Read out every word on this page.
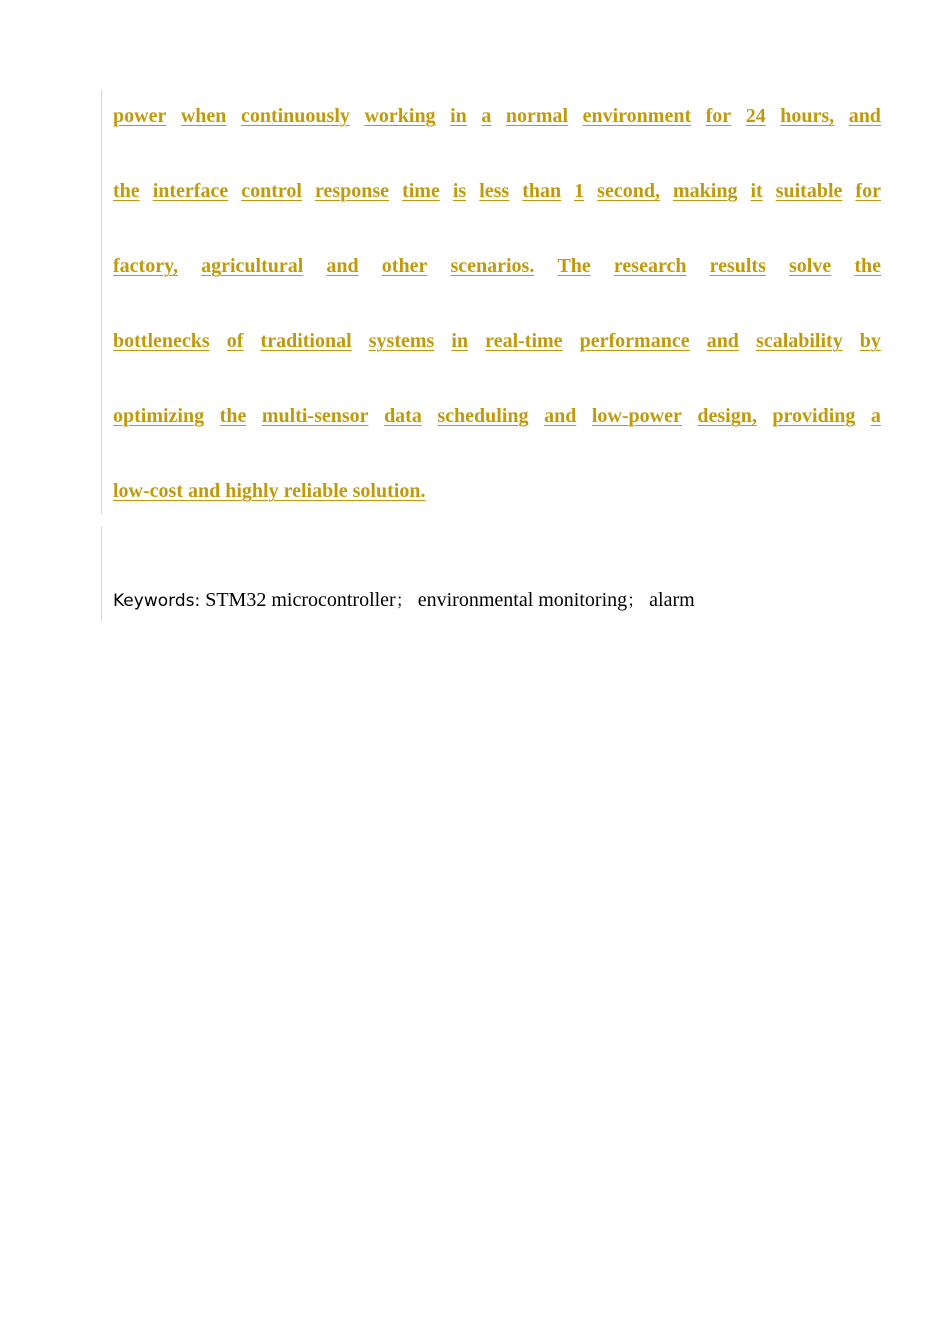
power when continuously working in a normal environment for 24 hours, and
the interface control response time is less than 1 second, making it suitable for
factory, agricultural and other scenarios. The research results solve the
bottlenecks of traditional systems in real-time performance and scalability by
optimizing the multi-sensor data scheduling and low-power design, providing a
low-cost and highly reliable solution.

Keywords: STM32 microcontroller； environmental monitoring； alarm
